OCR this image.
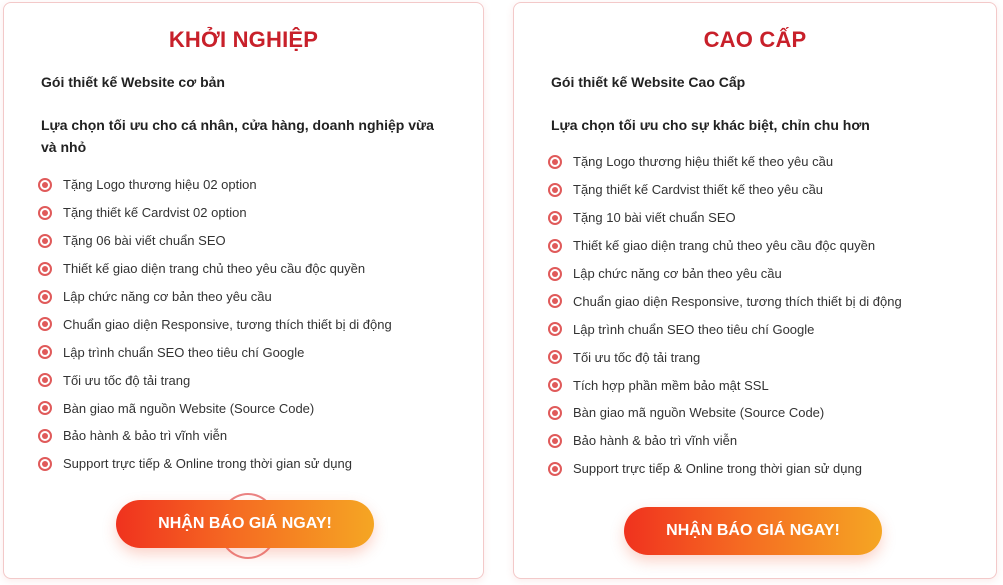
KHỞI NGHIỆP

Gói thiết kế Website cơ bản

Lựa chọn tối ưu cho cá nhân, cửa hàng, doanh nghiệp vừa và nhỏ

Tặng Logo thương hiệu 02 option
Tặng thiết kế Cardvist 02 option
Tặng 06 bài viết chuẩn SEO
Thiết kế giao diện trang chủ theo yêu cầu độc quyền
Lập chức năng cơ bản theo yêu cầu
Chuẩn giao diện Responsive, tương thích thiết bị di động
Lập trình chuẩn SEO theo tiêu chí Google
Tối ưu tốc độ tải trang
Bàn giao mã nguồn Website (Source Code)
Bảo hành & bảo trì vĩnh viễn
Support trực tiếp & Online trong thời gian sử dụng
NHẬN BÁO GIÁ NGAY!
CAO CẤP

Gói thiết kế Website Cao Cấp

Lựa chọn tối ưu cho sự khác biệt, chỉn chu hơn

Tặng Logo thương hiệu thiết kế theo yêu cầu
Tặng thiết kế Cardvist thiết kế theo yêu cầu
Tặng 10 bài viết chuẩn SEO
Thiết kế giao diện trang chủ theo yêu cầu độc quyền
Lập chức năng cơ bản theo yêu cầu
Chuẩn giao diện Responsive, tương thích thiết bị di động
Lập trình chuẩn SEO theo tiêu chí Google
Tối ưu tốc độ tải trang
Tích hợp phần mềm bảo mật SSL
Bàn giao mã nguồn Website (Source Code)
Bảo hành & bảo trì vĩnh viễn
Support trực tiếp & Online trong thời gian sử dụng
NHẬN BÁO GIÁ NGAY!
